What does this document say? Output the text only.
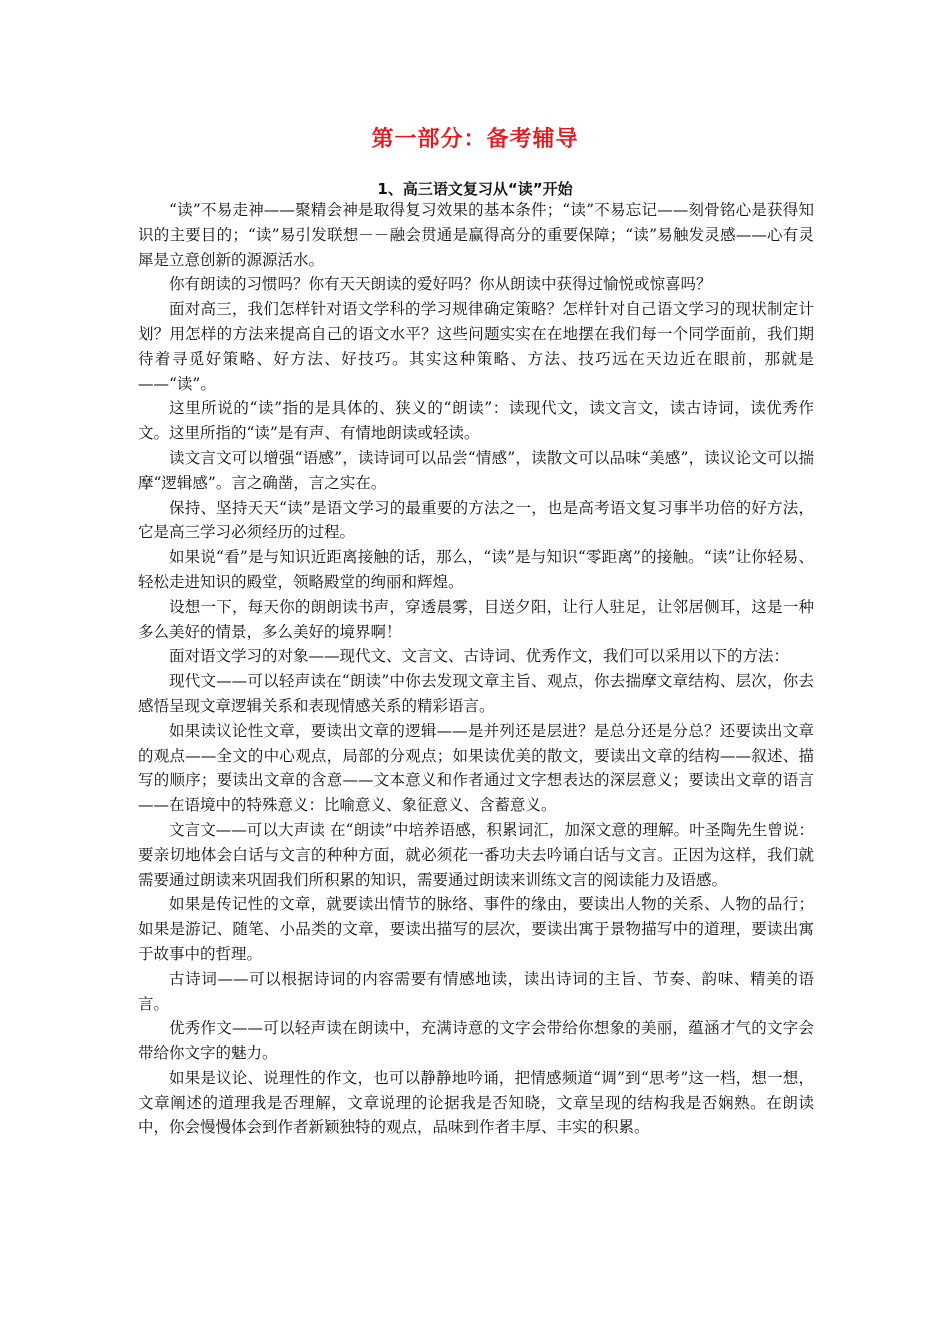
第一部分：备考辅导
1、高三语文复习从“读”开始

“读”不易走神——聚精会神是取得复习效果的基本条件；“读”不易忘记——刻骨铭心是获得知识的主要目的；“读”易引发联想－－融会贯通是赢得高分的重要保障；“读”易触发灵感——心有灵犀是立意创新的源源活水。

你有朗读的习惯吗？你有天天朗读的爱好吗？你从朗读中获得过愉悦或惊喜吗？

面对高三，我们怎样针对语文学科的学习规律确定策略？怎样针对自己语文学习的现状制定计划？用怎样的方法来提高自己的语文水平？这些问题实实在在地摆在我们每一个同学面前，我们期待着寻觅好策略、好方法、好技巧。其实这种策略、方法、技巧远在天边近在眼前，那就是——“读”。

这里所说的“读”指的是具体的、狭义的“朗读”：读现代文，读文言文，读古诗词，读优秀作文。这里所指的“读”是有声、有情地朗读或轻读。

读文言文可以增强“语感”，读诗词可以品尝“情感”，读散文可以品味“美感”，读议论文可以揣摩“逻辑感”。言之确凿，言之实在。

保持、坚持天天“读”是语文学习的最重要的方法之一，也是高考语文复习事半功倍的好方法，它是高三学习必须经历的过程。

如果说“看”是与知识近距离接触的话，那么，“读”是与知识“零距离”的接触。“读”让你轻易、轻松走进知识的殿堂，领略殿堂的绚丽和辉煌。

设想一下，每天你的朗朗读书声，穿透晨雾，目送夕阳，让行人驻足，让邻居侧耳，这是一种多么美好的情景，多么美好的境界啊！

面对语文学习的对象——现代文、文言文、古诗词、优秀作文，我们可以采用以下的方法：

现代文——可以轻声读在“朗读”中你去发现文章主旨、观点，你去揣摩文章结构、层次，你去感悟呈现文章逻辑关系和表现情感关系的精彩语言。

如果读议论性文章，要读出文章的逻辑——是并列还是层进？是总分还是分总？还要读出文章的观点——全文的中心观点，局部的分观点；如果读优美的散文，要读出文章的结构——叙述、描写的顺序；要读出文章的含意——文本意义和作者通过文字想表达的深层意义；要读出文章的语言——在语境中的特殊意义：比喻意义、象征意义、含蓄意义。

文言文——可以大声读 在“朗读”中培养语感，积累词汇，加深文意的理解。叶圣陶先生曾说：要亲切地体会白话与文言的种种方面，就必须花一番功夫去吟诵白话与文言。正因为这样，我们就需要通过朗读来巩固我们所积累的知识，需要通过朗读来训练文言的阅读能力及语感。

如果是传记性的文章，就要读出情节的脉络、事件的缘由，要读出人物的关系、人物的品行；如果是游记、随笔、小品类的文章，要读出描写的层次，要读出寓于景物描写中的道理，要读出寓于故事中的哲理。

古诗词——可以根据诗词的内容需要有情感地读，读出诗词的主旨、节奏、韵味、精美的语言。

优秀作文——可以轻声读在朗读中，充满诗意的文字会带给你想象的美丽，蕴涵才气的文字会带给你文字的魅力。

如果是议论、说理性的作文，也可以静静地吟诵，把情感频道“调”到“思考”这一档，想一想，文章阐述的道理我是否理解，文章说理的论据我是否知晓，文章呈现的结构我是否娴熟。在朗读中，你会慢慢体会到作者新颖独特的观点，品味到作者丰厚、丰实的积累。
